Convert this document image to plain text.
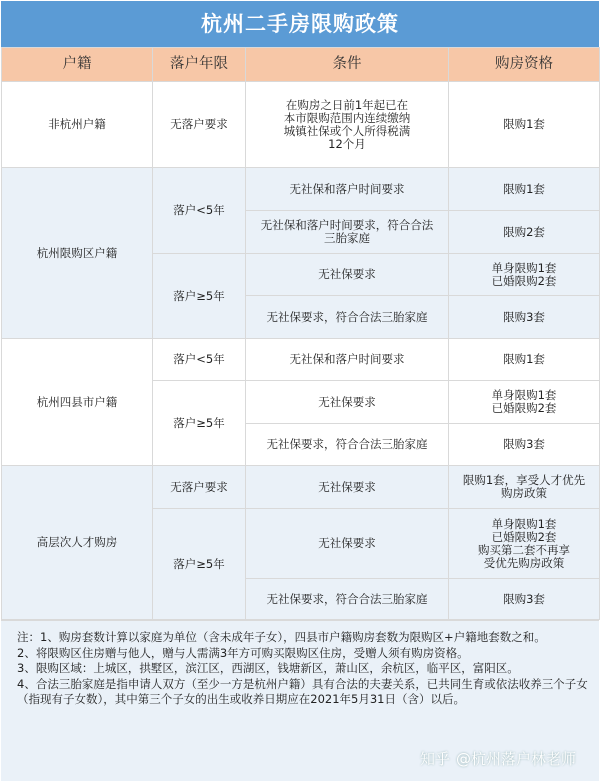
杭州二手房限购政策
户籍	落户年限	条件	购房资格
非杭州户籍	无落户要求	在购房之日前1年起已在
本市限购范围内连续缴纳
城镇社保或个人所得税满
12个月	限购1套
杭州限购区户籍	落户<5年	无社保和落户时间要求	限购1套
		无社保和落户时间要求，符合合法
三胎家庭	限购2套
	落户≥5年	无社保要求	单身限购1套
已婚限购2套
		无社保要求，符合合法三胎家庭	限购3套
杭州四县市户籍	落户<5年	无社保和落户时间要求	限购1套
	落户≥5年	无社保要求	单身限购1套
已婚限购2套
		无社保要求，符合合法三胎家庭	限购3套
高层次人才购房	无落户要求	无社保要求	限购1套，享受人才优先
购房政策
	落户≥5年	无社保要求	单身限购1套
已婚限购2套
购买第二套不再享
受优先购房政策
		无社保要求，符合合法三胎家庭	限购3套

注：1、购房套数计算以家庭为单位（含未成年子女），四县市户籍购房套数为限购区+户籍地套数之和。

2、将限购区住房赠与他人，赠与人需满3年方可购买限购区住房，受赠人须有购房资格。

3、限购区域：上城区，拱墅区，滨江区，西湖区，钱塘新区，萧山区，余杭区，临平区，富阳区。

4、合法三胎家庭是指申请人双方（至少一方是杭州户籍）具有合法的夫妻关系，已共同生育或依法收养三个子女（指现有子女数），其中第三个子女的出生或收养日期应在2021年5月31日（含）以后。

知乎 @杭州落户林老师
